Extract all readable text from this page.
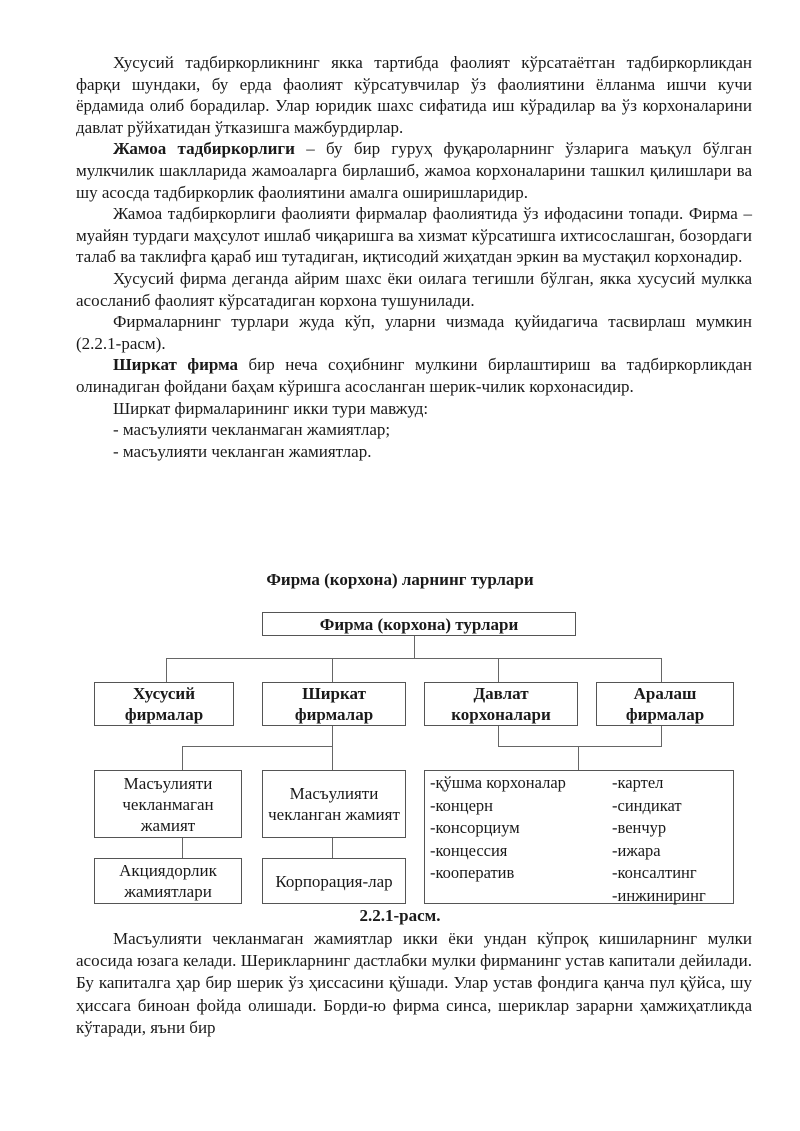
Хусусий тадбиркорликнинг якка тартибда фаолият кўрсатаётган тадбиркорликдан фарқи шундаки, бу ерда фаолият кўрсатувчилар ўз фаолиятини ёлланма ишчи кучи ёрдамида олиб борадилар. Улар юридик шахс сифатида иш кўрадилар ва ўз корхоналарини давлат рўйхатидан ўтказишга мажбурдирлар.

Жамоа тадбиркорлиги – бу бир гуруҳ фуқароларнинг ўзларига маъқул бўлган мулкчилик шаклларида жамоаларга бирлашиб, жамоа корхоналарини ташкил қилишлари ва шу асосда тадбиркорлик фаолиятини амалга оширишларидир.

Жамоа тадбиркорлиги фаолияти фирмалар фаолиятида ўз ифодасини топади. Фирма – муайян турдаги маҳсулот ишлаб чиқаришга ва хизмат кўрсатишга ихтисослашган, бозордаги талаб ва таклифга қараб иш тутадиган, иқтисодий жиҳатдан эркин ва мустақил корхонадир.

Хусусий фирма деганда айрим шахс ёки оилага тегишли бўлган, якка хусусий мулкка асосланиб фаолият кўрсатадиган корхона тушунилади.

Фирмаларнинг турлари жуда кўп, уларни чизмада қуйидагича тасвирлаш мумкин (2.2.1-расм).

Ширкат фирма бир неча соҳибнинг мулкини бирлаштириш ва тадбиркорликдан олинадиган фойдани баҳам кўришга асосланган шерик-чилик корхонасидир.

Ширкат фирмаларининг икки тури мавжуд:

- масъулияти чекланмаган жамиятлар;

- масъулияти чекланган жамиятлар.

Фирма (корхона) ларнинг турлари
Фирма (корхона) турлари
Хусусий фирмалар
Ширкат фирмалар
Давлат корхоналари
Аралаш фирмалар
Масъулияти чекланмаган жамият
Масъулияти чекланган жамият
Акциядорлик жамиятлари
Корпорация-лар
-қўшма корхоналар
-концерн
-консорциум
-концессия
-кооператив
-картел
-синдикат
-венчур
-ижара
-консалтинг
-инжиниринг
2.2.1-расм.

Масъулияти чекланмаган жамиятлар икки ёки ундан кўпроқ кишиларнинг мулки асосида юзага келади. Шерикларнинг дастлабки мулки фирманинг устав капитали дейилади. Бу капиталга ҳар бир шерик ўз ҳиссасини қўшади. Улар устав фондига қанча пул қўйса, шу ҳиссага биноан фойда олишади. Борди-ю фирма синса, шериклар зарарни ҳамжиҳатликда кўтаради, яъни бир
